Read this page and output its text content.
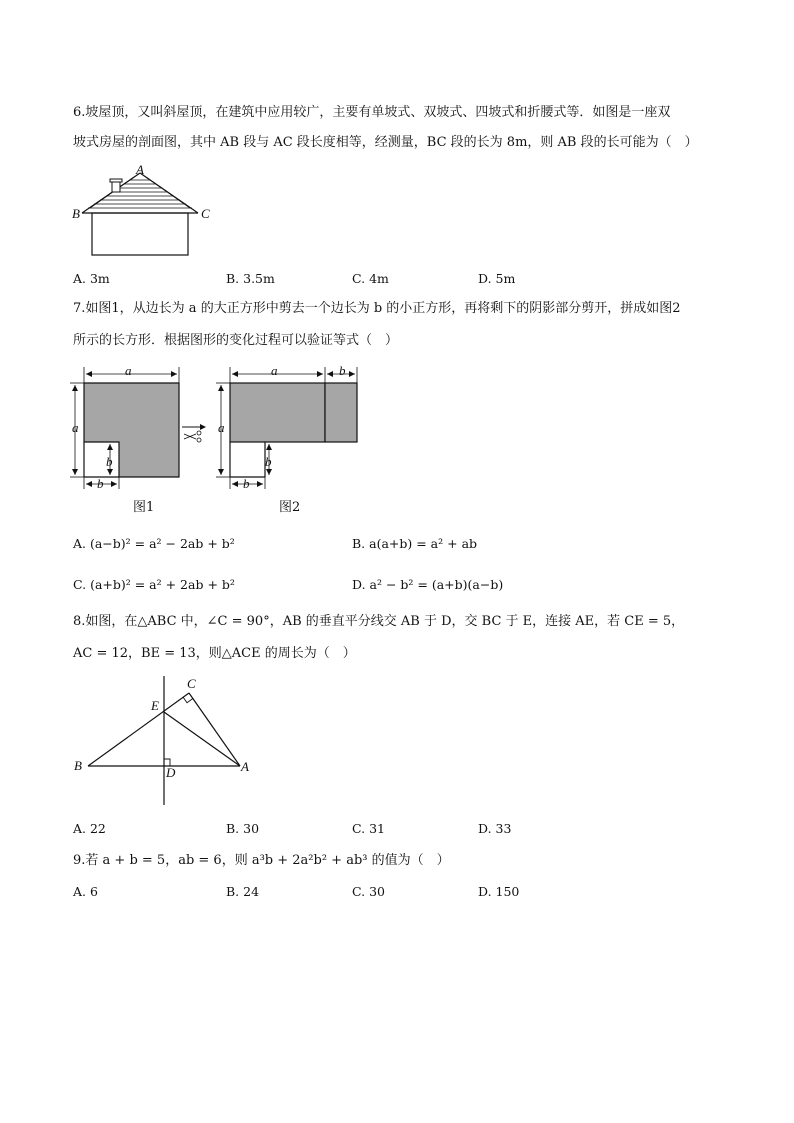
6.坡屋顶，又叫斜屋顶，在建筑中应用较广，主要有单坡式、双坡式、四坡式和折腰式等．如图是一座双
坡式房屋的剖面图，其中 AB 段与 AC 段长度相等，经测量，BC 段的长为 8m，则 AB 段的长可能为（　）
A
B	C
A. 3m	B. 3.5m	C. 4m	D. 5m
7.如图1，从边长为 a 的大正方形中剪去一个边长为 b 的小正方形，再将剩下的阴影部分剪开，拼成如图2
所示的长方形．根据图形的变化过程可以验证等式（　）
a
a
b
b
a	b
a
b
b
图1	图2
A. (a−b)² = a² − 2ab + b²	B. a(a+b) = a² + ab
C. (a+b)² = a² + 2ab + b²	D. a² − b² = (a+b)(a−b)
8.如图，在△ABC 中，∠C = 90°，AB 的垂直平分线交 AB 于 D，交 BC 于 E，连接 AE，若 CE = 5，
AC = 12，BE = 13，则△ACE 的周长为（　）
C
E
B	D	A
A. 22	B. 30	C. 31	D. 33
9.若 a + b = 5，ab = 6，则 a³b + 2a²b² + ab³ 的值为（　）
A. 6	B. 24	C. 30	D. 150
